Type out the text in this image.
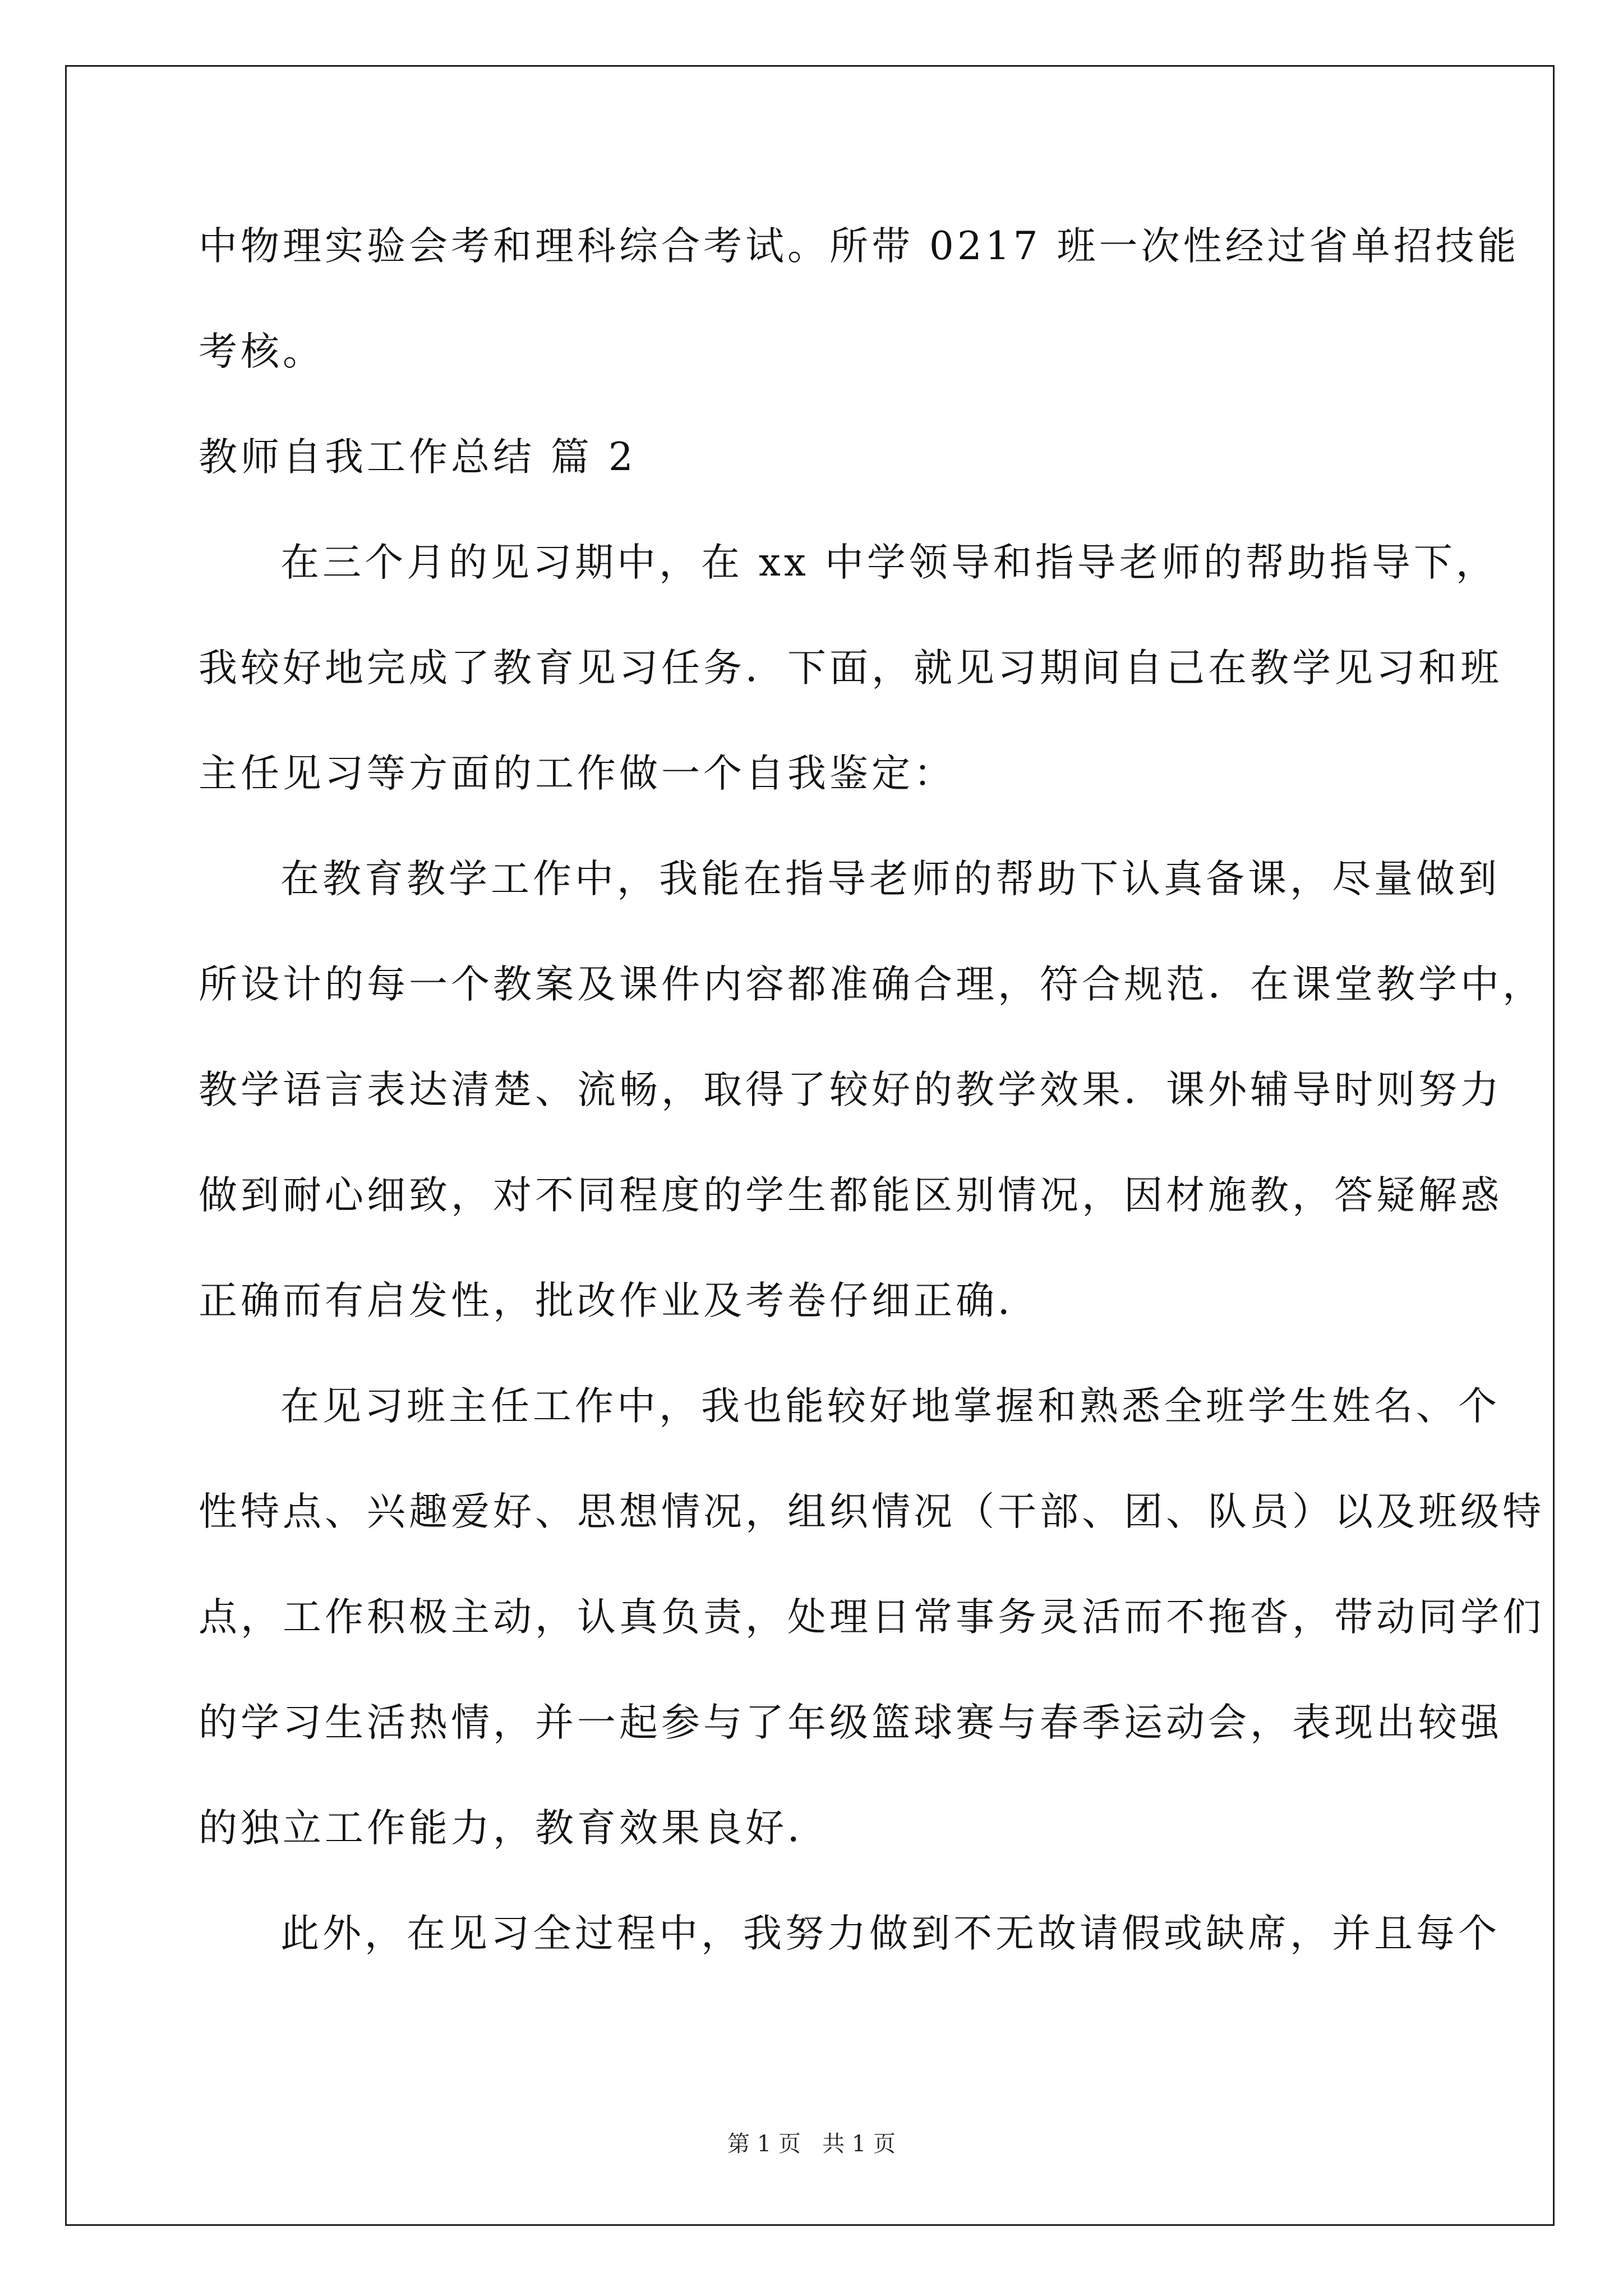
中物理实验会考和理科综合考试。所带 0217 班一次性经过省单招技能
考核。
教师自我工作总结 篇 2
在三个月的见习期中，在 xx 中学领导和指导老师的帮助指导下，
我较好地完成了教育见习任务．下面，就见习期间自己在教学见习和班
主任见习等方面的工作做一个自我鉴定：
在教育教学工作中，我能在指导老师的帮助下认真备课，尽量做到
所设计的每一个教案及课件内容都准确合理，符合规范．在课堂教学中，
教学语言表达清楚、流畅，取得了较好的教学效果．课外辅导时则努力
做到耐心细致，对不同程度的学生都能区别情况，因材施教，答疑解惑
正确而有启发性，批改作业及考卷仔细正确．
在见习班主任工作中，我也能较好地掌握和熟悉全班学生姓名、个
性特点、兴趣爱好、思想情况，组织情况（干部、团、队员）以及班级特
点，工作积极主动，认真负责，处理日常事务灵活而不拖沓，带动同学们
的学习生活热情，并一起参与了年级篮球赛与春季运动会，表现出较强
的独立工作能力，教育效果良好．
此外，在见习全过程中，我努力做到不无故请假或缺席，并且每个
第 1 页   共 1 页
